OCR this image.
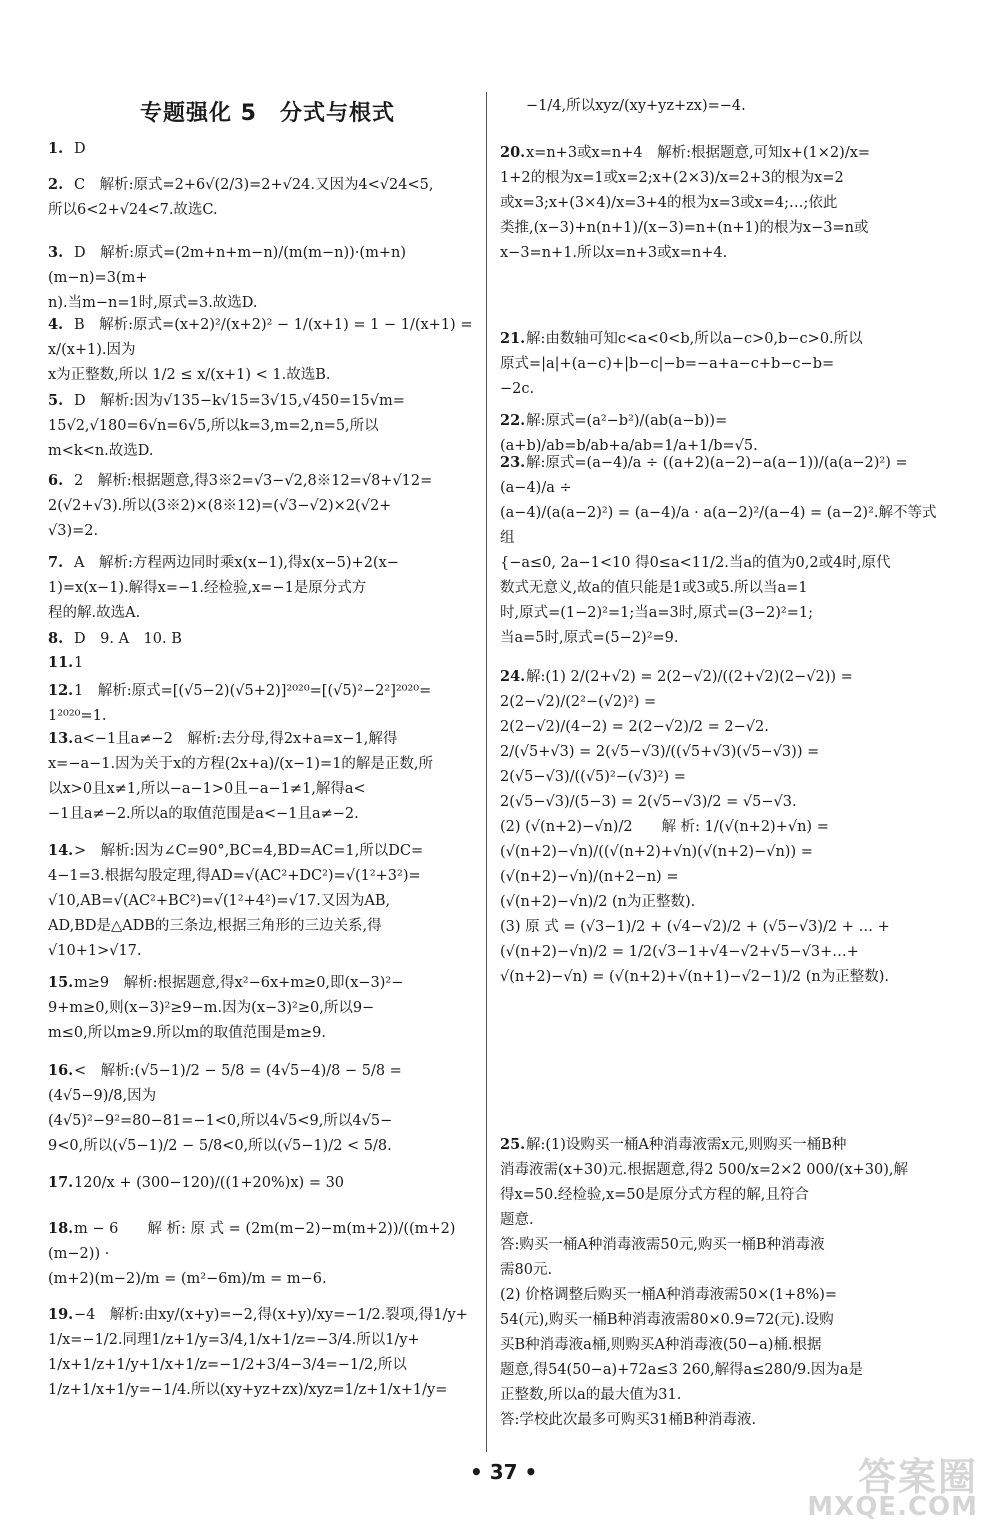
专题强化 5　分式与根式
1. D
2. C　解析:原式=2+6√(2/3)=2+√24.又因为4<√24<5,
所以6<2+√24<7.故选C.
3. D　解析:原式=(2m+n+m−n)/(m(m−n))·(m+n)(m−n)=3(m+
n).当m−n=1时,原式=3.故选D.
4. B　解析:原式=(x+2)²/(x+2)² − 1/(x+1) = 1 − 1/(x+1) = x/(x+1).因为
x为正整数,所以 1/2 ≤ x/(x+1) < 1.故选B.
5. D　解析:因为√135−k√15=3√15,√450=15√m=
15√2,√180=6√n=6√5,所以k=3,m=2,n=5,所以
m<k<n.故选D.
6. 2　解析:根据题意,得3※2=√3−√2,8※12=√8+√12=
2(√2+√3).所以(3※2)×(8※12)=(√3−√2)×2(√2+
√3)=2.
7. A　解析:方程两边同时乘x(x−1),得x(x−5)+2(x−
1)=x(x−1).解得x=−1.经检验,x=−1是原分式方
程的解.故选A.
8. D　9. A　10. B
11.1
12.1　解析:原式=[(√5−2)(√5+2)]²⁰²⁰=[(√5)²−2²]²⁰²⁰=
1²⁰²⁰=1.
13.a<−1且a≠−2　解析:去分母,得2x+a=x−1,解得
x=−a−1.因为关于x的方程(2x+a)/(x−1)=1的解是正数,所
以x>0且x≠1,所以−a−1>0且−a−1≠1,解得a<
−1且a≠−2.所以a的取值范围是a<−1且a≠−2.
14.>　解析:因为∠C=90°,BC=4,BD=AC=1,所以DC=
4−1=3.根据勾股定理,得AD=√(AC²+DC²)=√(1²+3²)=
√10,AB=√(AC²+BC²)=√(1²+4²)=√17.又因为AB,
AD,BD是△ADB的三条边,根据三角形的三边关系,得
√10+1>√17.
15.m≥9　解析:根据题意,得x²−6x+m≥0,即(x−3)²−
9+m≥0,则(x−3)²≥9−m.因为(x−3)²≥0,所以9−
m≤0,所以m≥9.所以m的取值范围是m≥9.
16.<　解析:(√5−1)/2 − 5/8 = (4√5−4)/8 − 5/8 = (4√5−9)/8,因为
(4√5)²−9²=80−81=−1<0,所以4√5<9,所以4√5−
9<0,所以(√5−1)/2 − 5/8<0,所以(√5−1)/2 < 5/8.
17.120/x + (300−120)/((1+20%)x) = 30
18.m − 6　　解 析: 原 式 = (2m(m−2)−m(m+2))/((m+2)(m−2)) ·
(m+2)(m−2)/m = (m²−6m)/m = m−6.
19.−4　解析:由xy/(x+y)=−2,得(x+y)/xy=−1/2.裂项,得1/y+
1/x=−1/2.同理1/z+1/y=3/4,1/x+1/z=−3/4.所以1/y+
1/x+1/z+1/y+1/x+1/z=−1/2+3/4−3/4=−1/2,所以
1/z+1/x+1/y=−1/4.所以(xy+yz+zx)/xyz=1/z+1/x+1/y=
−1/4,所以xyz/(xy+yz+zx)=−4.
20.x=n+3或x=n+4　解析:根据题意,可知x+(1×2)/x=
1+2的根为x=1或x=2;x+(2×3)/x=2+3的根为x=2
或x=3;x+(3×4)/x=3+4的根为x=3或x=4;…;依此
类推,(x−3)+n(n+1)/(x−3)=n+(n+1)的根为x−3=n或
x−3=n+1.所以x=n+3或x=n+4.
21.解:由数轴可知c<a<0<b,所以a−c>0,b−c>0.所以
原式=|a|+(a−c)+|b−c|−b=−a+a−c+b−c−b=
−2c.
22.解:原式=(a²−b²)/(ab(a−b))=(a+b)/ab=b/ab+a/ab=1/a+1/b=√5.
23.解:原式=(a−4)/a ÷ ((a+2)(a−2)−a(a−1))/(a(a−2)²) = (a−4)/a ÷
(a−4)/(a(a−2)²) = (a−4)/a · a(a−2)²/(a−4) = (a−2)².解不等式组
{−a≤0, 2a−1<10 得0≤a<11/2.当a的值为0,2或4时,原代
数式无意义,故a的值只能是1或3或5.所以当a=1
时,原式=(1−2)²=1;当a=3时,原式=(3−2)²=1;
当a=5时,原式=(5−2)²=9.
24.解:(1) 2/(2+√2) = 2(2−√2)/((2+√2)(2−√2)) = 2(2−√2)/(2²−(√2)²) =
2(2−√2)/(4−2) = 2(2−√2)/2 = 2−√2.
2/(√5+√3) = 2(√5−√3)/((√5+√3)(√5−√3)) = 2(√5−√3)/((√5)²−(√3)²) =
2(√5−√3)/(5−3) = 2(√5−√3)/2 = √5−√3.
(2) (√(n+2)−√n)/2　　解 析: 1/(√(n+2)+√n) =
(√(n+2)−√n)/((√(n+2)+√n)(√(n+2)−√n)) = (√(n+2)−√n)/(n+2−n) =
(√(n+2)−√n)/2 (n为正整数).
(3) 原 式 = (√3−1)/2 + (√4−√2)/2 + (√5−√3)/2 + … +
(√(n+2)−√n)/2 = 1/2(√3−1+√4−√2+√5−√3+…+
√(n+2)−√n) = (√(n+2)+√(n+1)−√2−1)/2 (n为正整数).
25.解:(1)设购买一桶A种消毒液需x元,则购买一桶B种
消毒液需(x+30)元.根据题意,得2 500/x=2×2 000/(x+30),解
得x=50.经检验,x=50是原分式方程的解,且符合
题意.
答:购买一桶A种消毒液需50元,购买一桶B种消毒液
需80元.
(2) 价格调整后购买一桶A种消毒液需50×(1+8%)=
54(元),购买一桶B种消毒液需80×0.9=72(元).设购
买B种消毒液a桶,则购买A种消毒液(50−a)桶.根据
题意,得54(50−a)+72a≤3 260,解得a≤280/9.因为a是
正整数,所以a的最大值为31.
答:学校此次最多可购买31桶B种消毒液.
• 37 •	答案圈
MXQE.COM
